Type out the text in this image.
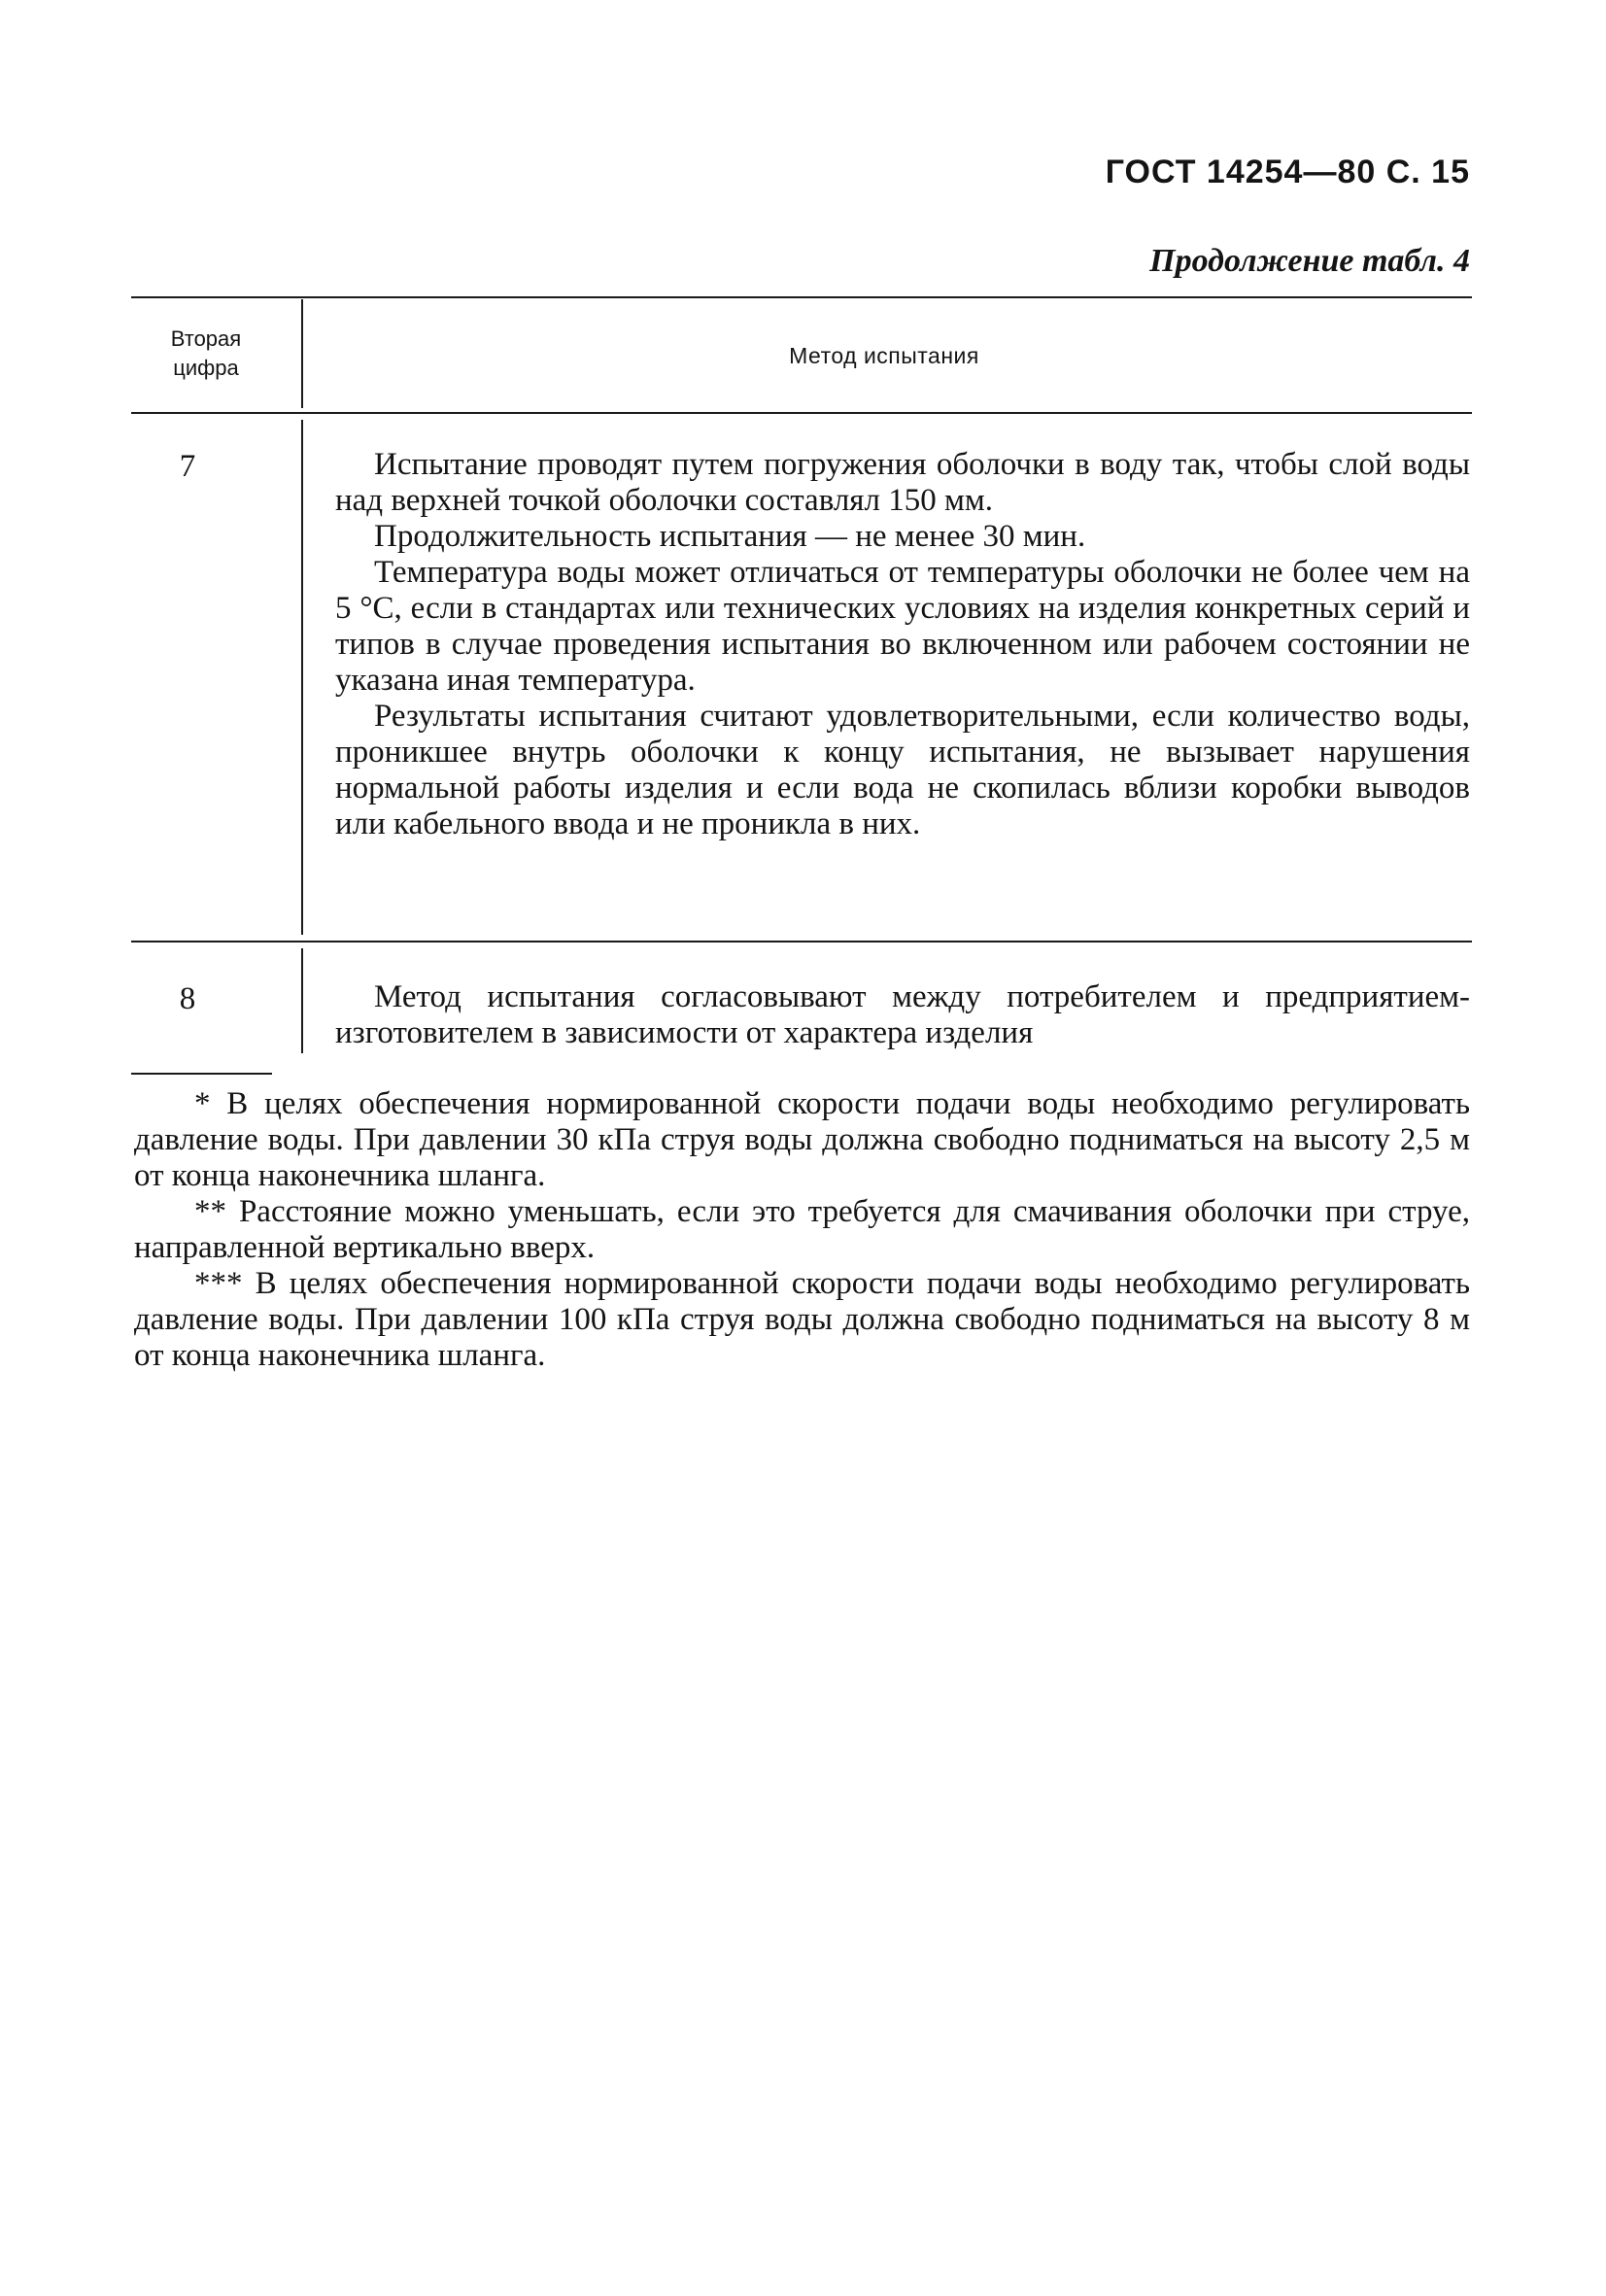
ГОСТ 14254—80 С. 15
Продолжение табл. 4
Вторая
цифра	Метод испытания
7	Испытание проводят путем погружения оболочки в воду так, чтобы слой воды над верхней точкой оболочки составлял 150 мм.

Продолжительность испытания — не менее 30 мин.

Температура воды может отличаться от температуры оболочки не более чем на 5 °С, если в стандартах или технических условиях на изделия конкретных серий и типов в случае проведения испытания во включенном или рабочем состоянии не указана иная температура.

Результаты испытания считают удовлетворительными, если количество воды, проникшее внутрь оболочки к концу испытания, не вызывает нарушения нормальной работы изделия и если вода не скопилась вблизи коробки выводов или кабельного ввода и не проникла в них.

8	Метод испытания согласовывают между потребителем и предприятием-изготовителем в зависимости от характера изделия

* В целях обеспечения нормированной скорости подачи воды необходимо регулировать давление воды. При давлении 30 кПа струя воды должна свободно подниматься на высоту 2,5 м от конца наконечника шланга.

** Расстояние можно уменьшать, если это требуется для смачивания оболочки при струе, направленной вертикально вверх.

*** В целях обеспечения нормированной скорости подачи воды необходимо регулировать давление воды. При давлении 100 кПа струя воды должна свободно подниматься на высоту 8 м от конца наконечника шланга.
